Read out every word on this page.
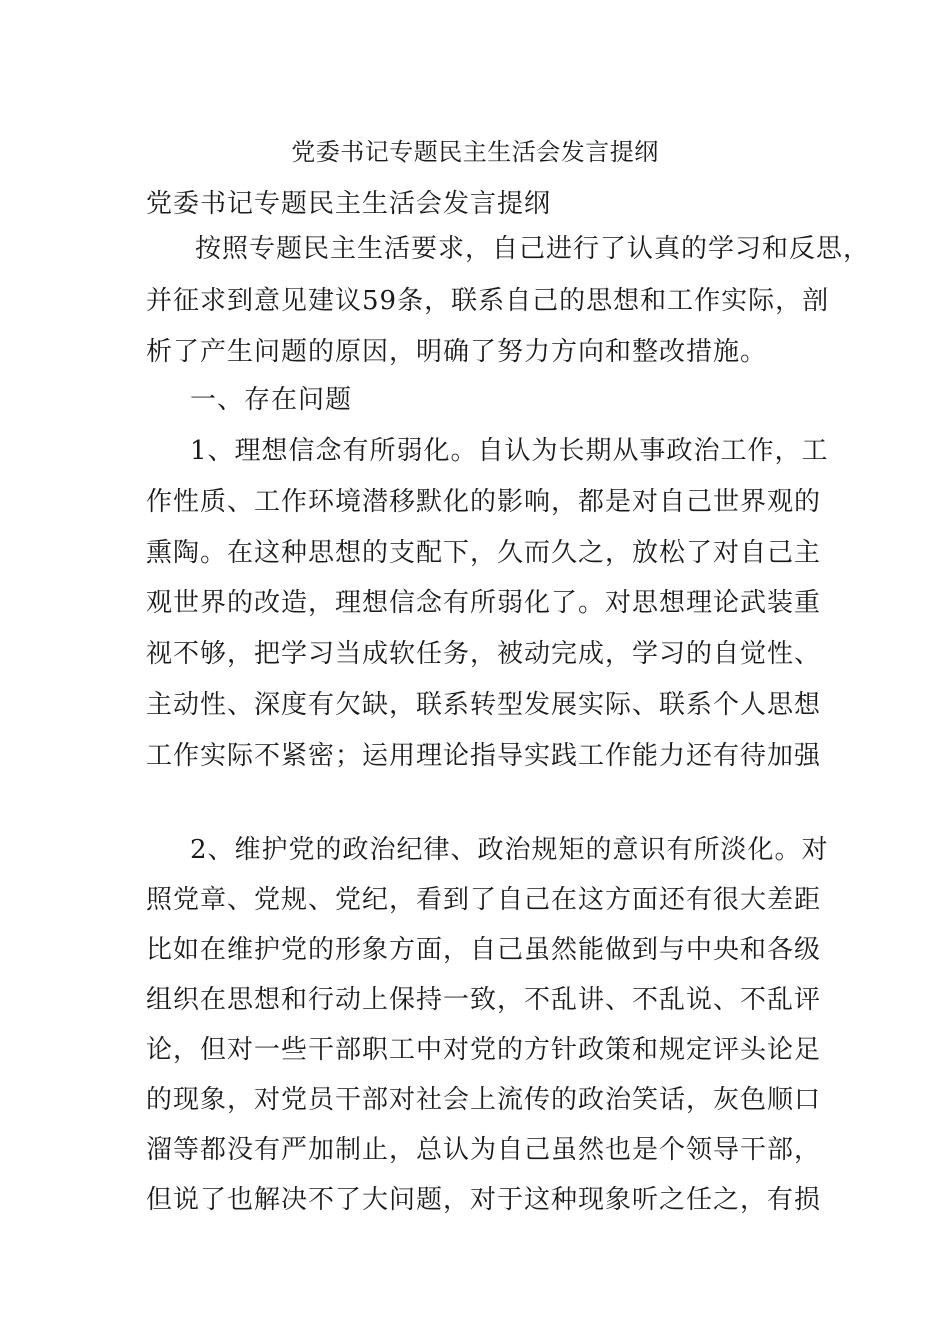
党委书记专题民主生活会发言提纲
党委书记专题民主生活会发言提纲
　按照专题民主生活要求，自己进行了认真的学习和反思，
并征求到意见建议59条，联系自己的思想和工作实际，剖
析了产生问题的原因，明确了努力方向和整改措施。
一、存在问题
1、理想信念有所弱化。自认为长期从事政治工作，工
作性质、工作环境潜移默化的影响，都是对自己世界观的
熏陶。在这种思想的支配下，久而久之，放松了对自己主
观世界的改造，理想信念有所弱化了。对思想理论武装重
视不够，把学习当成软任务，被动完成，学习的自觉性、
主动性、深度有欠缺，联系转型发展实际、联系个人思想
工作实际不紧密；运用理论指导实践工作能力还有待加强
2、维护党的政治纪律、政治规矩的意识有所淡化。对
照党章、党规、党纪，看到了自己在这方面还有很大差距
比如在维护党的形象方面，自己虽然能做到与中央和各级
组织在思想和行动上保持一致，不乱讲、不乱说、不乱评
论，但对一些干部职工中对党的方针政策和规定评头论足
的现象，对党员干部对社会上流传的政治笑话，灰色顺口
溜等都没有严加制止，总认为自己虽然也是个领导干部，
但说了也解决不了大问题，对于这种现象听之任之，有损
